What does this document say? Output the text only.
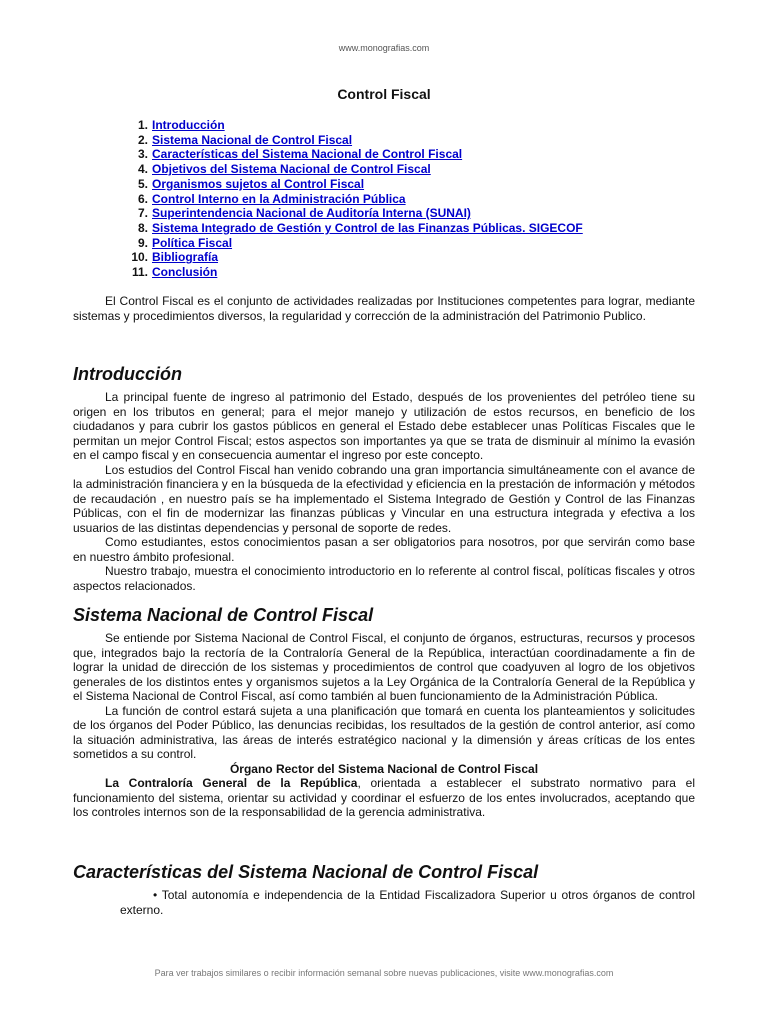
www.monografias.com
Control Fiscal
1. Introducción
2. Sistema Nacional de Control Fiscal
3. Características del Sistema Nacional de Control Fiscal
4. Objetivos del Sistema Nacional de Control Fiscal
5. Organismos sujetos al Control Fiscal
6. Control Interno en la Administración Pública
7. Superintendencia Nacional de Auditoría Interna (SUNAI)
8. Sistema Integrado de Gestión y Control de las Finanzas Públicas. SIGECOF
9. Política Fiscal
10. Bibliografía
11. Conclusión

El Control Fiscal es el conjunto de actividades realizadas por Instituciones competentes para lograr, mediante sistemas y procedimientos diversos, la regularidad y corrección de la administración del Patrimonio Publico.

Introducción

La principal fuente de ingreso al patrimonio del Estado, después de los provenientes del petróleo tiene su origen en los tributos en general; para el mejor manejo y utilización de estos recursos, en beneficio de los ciudadanos y para cubrir los gastos públicos en general el Estado debe establecer unas Políticas Fiscales que le permitan un mejor Control Fiscal; estos aspectos son importantes ya que se trata de disminuir al mínimo la evasión en el campo fiscal y en consecuencia aumentar el ingreso por este concepto.

Los estudios del Control Fiscal han venido cobrando una gran importancia simultáneamente con el avance de la administración financiera y en la búsqueda de la efectividad y eficiencia en la prestación de información y métodos de recaudación , en nuestro país se ha implementado el Sistema Integrado de Gestión y Control de las Finanzas Públicas, con el fin de modernizar las finanzas públicas y Vincular en una estructura integrada y efectiva a los usuarios de las distintas dependencias y personal de soporte de redes.

Como estudiantes, estos conocimientos pasan a ser obligatorios para nosotros, por que servirán como base en nuestro ámbito profesional.

Nuestro trabajo, muestra el conocimiento introductorio en lo referente al control fiscal, políticas fiscales y otros aspectos relacionados.

Sistema Nacional de Control Fiscal

Se entiende por Sistema Nacional de Control Fiscal, el conjunto de órganos, estructuras, recursos y procesos que, integrados bajo la rectoría de la Contraloría General de la República, interactúan coordinadamente a fin de lograr la unidad de dirección de los sistemas y procedimientos de control que coadyuven al logro de los objetivos generales de los distintos entes y organismos sujetos a la Ley Orgánica de la Contraloría General de la República y el Sistema Nacional de Control Fiscal, así como también al buen funcionamiento de la Administración Pública.

La función de control estará sujeta a una planificación que tomará en cuenta los planteamientos y solicitudes de los órganos del Poder Público, las denuncias recibidas, los resultados de la gestión de control anterior, así como la situación administrativa, las áreas de interés estratégico nacional y la dimensión y áreas críticas de los entes sometidos a su control.

Órgano Rector del Sistema Nacional de Control Fiscal

La Contraloría General de la República, orientada a establecer el substrato normativo para el funcionamiento del sistema, orientar su actividad y coordinar el esfuerzo de los entes involucrados, aceptando que los controles internos son de la responsabilidad de la gerencia administrativa.

Características del Sistema Nacional de Control Fiscal

• Total autonomía e independencia de la Entidad Fiscalizadora Superior u otros órganos de control externo.

Para ver trabajos similares o recibir información semanal sobre nuevas publicaciones, visite www.monografias.com
